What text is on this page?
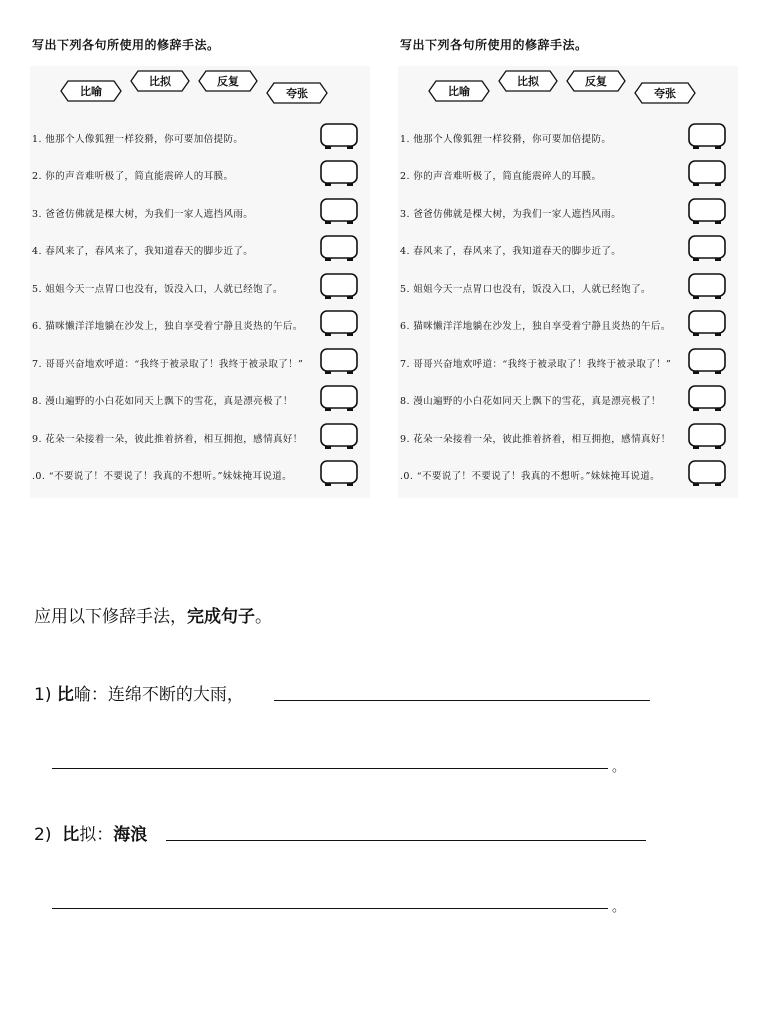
写出下列各句所使用的修辞手法。
比喻
比拟	反复
夸张
1. 他那个人像狐狸一样狡猾，你可要加倍提防。
2. 你的声音难听极了，简直能震碎人的耳膜。
3. 爸爸仿佛就是棵大树，为我们一家人遮挡风雨。
4. 春风来了，春风来了，我知道春天的脚步近了。
5. 姐姐今天一点胃口也没有，饭没入口，人就已经饱了。
6. 猫咪懒洋洋地躺在沙发上，独自享受着宁静且炎热的午后。
7. 哥哥兴奋地欢呼道：“我终于被录取了！我终于被录取了！”
8. 漫山遍野的小白花如同天上飘下的雪花，真是漂亮极了！
9. 花朵一朵接着一朵，彼此推着挤着，相互拥抱，感情真好！
.0. “不要说了！不要说了！我真的不想听。”妹妹掩耳说道。
写出下列各句所使用的修辞手法。
比喻
比拟	反复
夸张
1. 他那个人像狐狸一样狡猾，你可要加倍提防。
2. 你的声音难听极了，简直能震碎人的耳膜。
3. 爸爸仿佛就是棵大树，为我们一家人遮挡风雨。
4. 春风来了，春风来了，我知道春天的脚步近了。
5. 姐姐今天一点胃口也没有，饭没入口，人就已经饱了。
6. 猫咪懒洋洋地躺在沙发上，独自享受着宁静且炎热的午后。
7. 哥哥兴奋地欢呼道：“我终于被录取了！我终于被录取了！”
8. 漫山遍野的小白花如同天上飘下的雪花，真是漂亮极了！
9. 花朵一朵接着一朵，彼此推着挤着，相互拥抱，感情真好！
.0. “不要说了！不要说了！我真的不想听。”妹妹掩耳说道。
应用以下修辞手法，完成句子。
1) 比喻：连绵不断的大雨，
。
2) 比拟：海浪
。
